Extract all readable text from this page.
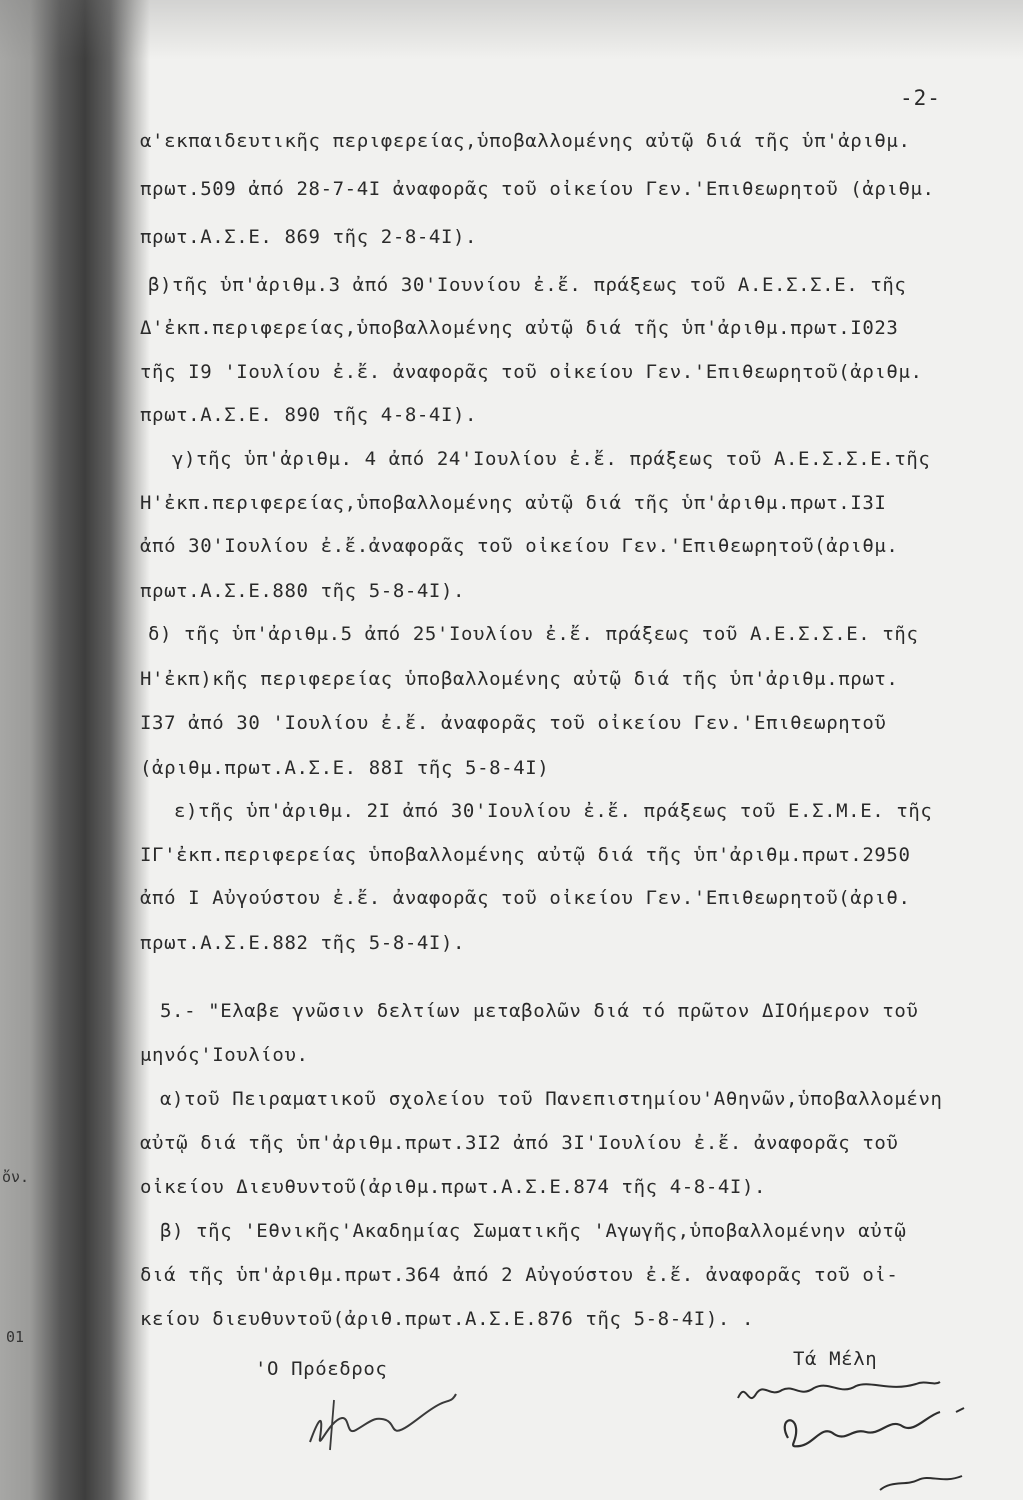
-2-
α'εκπαιδευτικῆς περιφερείας,ὑποβαλλομένης αὐτῷ διά τῆς ὑπ'ἀριθμ.
πρωτ.509 ἀπό 28-7-4I ἀναφορᾶς τοῦ οἰκείου Γεν.'Επιθεωρητοῦ (ἀριθμ.
πρωτ.Α.Σ.Ε. 869 τῆς 2-8-4I).
β)τῆς ὑπ'ἀριθμ.3 ἀπό 30'Ιουνίου ἐ.ἔ. πράξεως τοῦ Α.Ε.Σ.Σ.Ε. τῆς
Δ'ἐκπ.περιφερείας,ὑποβαλλομένης αὐτῷ διά τῆς ὑπ'ἀριθμ.πρωτ.I023
τῆς I9 'Ιουλίου ἐ.ἔ. ἀναφορᾶς τοῦ οἰκείου Γεν.'Επιθεωρητοῦ(ἀριθμ.
πρωτ.Α.Σ.Ε. 890 τῆς 4-8-4I).
γ)τῆς ὑπ'ἀριθμ. 4 ἀπό 24'Ιουλίου ἐ.ἔ. πράξεως τοῦ Α.Ε.Σ.Σ.Ε.τῆς
Η'ἐκπ.περιφερείας,ὑποβαλλομένης αὐτῷ διά τῆς ὑπ'ἀριθμ.πρωτ.I3I
ἀπό 30'Ιουλίου ἐ.ἔ.ἀναφορᾶς τοῦ οἰκείου Γεν.'Επιθεωρητοῦ(ἀριθμ.
πρωτ.Α.Σ.Ε.880 τῆς 5-8-4I).
δ) τῆς ὑπ'ἀριθμ.5 ἀπό 25'Ιουλίου ἐ.ἔ. πράξεως τοῦ Α.Ε.Σ.Σ.Ε. τῆς
Η'ἐκπ)κῆς περιφερείας ὑποβαλλομένης αὐτῷ διά τῆς ὑπ'ἀριθμ.πρωτ.
I37 ἀπό 30 'Ιουλίου ἐ.ἔ. ἀναφορᾶς τοῦ οἰκείου Γεν.'Επιθεωρητοῦ
(ἀριθμ.πρωτ.Α.Σ.Ε. 88I τῆς 5-8-4I)
ε)τῆς ὑπ'ἀριθμ. 2I ἀπό 30'Ιουλίου ἐ.ἔ. πράξεως τοῦ Ε.Σ.Μ.Ε. τῆς
IΓ'ἐκπ.περιφερείας ὑποβαλλομένης αὐτῷ διά τῆς ὑπ'ἀριθμ.πρωτ.2950
ἀπό I Αὐγούστου ἐ.ἔ. ἀναφορᾶς τοῦ οἰκείου Γεν.'Επιθεωρητοῦ(ἀριθ.
πρωτ.Α.Σ.Ε.882 τῆς 5-8-4I).
5.- "Ελαβε γνῶσιν δελτίων μεταβολῶν διά τό πρῶτον ΔΙΟήμερον τοῦ
μηνός'Ιουλίου.
α)τοῦ Πειραματικοῦ σχολείου τοῦ Πανεπιστημίου'Αθηνῶν,ὑποβαλλομένη
αὐτῷ διά τῆς ὑπ'ἀριθμ.πρωτ.3I2 ἀπό 3I'Ιουλίου ἐ.ἔ. ἀναφορᾶς τοῦ
οἰκείου Διευθυντοῦ(ἀριθμ.πρωτ.Α.Σ.Ε.874 τῆς 4-8-4I).
β) τῆς 'Εθνικῆς'Ακαδημίας Σωματικῆς 'Αγωγῆς,ὑποβαλλομένην αὐτῷ
διά τῆς ὑπ'ἀριθμ.πρωτ.364 ἀπό 2 Αὐγούστου ἐ.ἔ. ἀναφορᾶς τοῦ οἰ-
κείου διευθυντοῦ(ἀριθ.πρωτ.Α.Σ.Ε.876 τῆς 5-8-4I). .
ὄν.
01
'Ο Πρόεδρος	Τά Μέλη
